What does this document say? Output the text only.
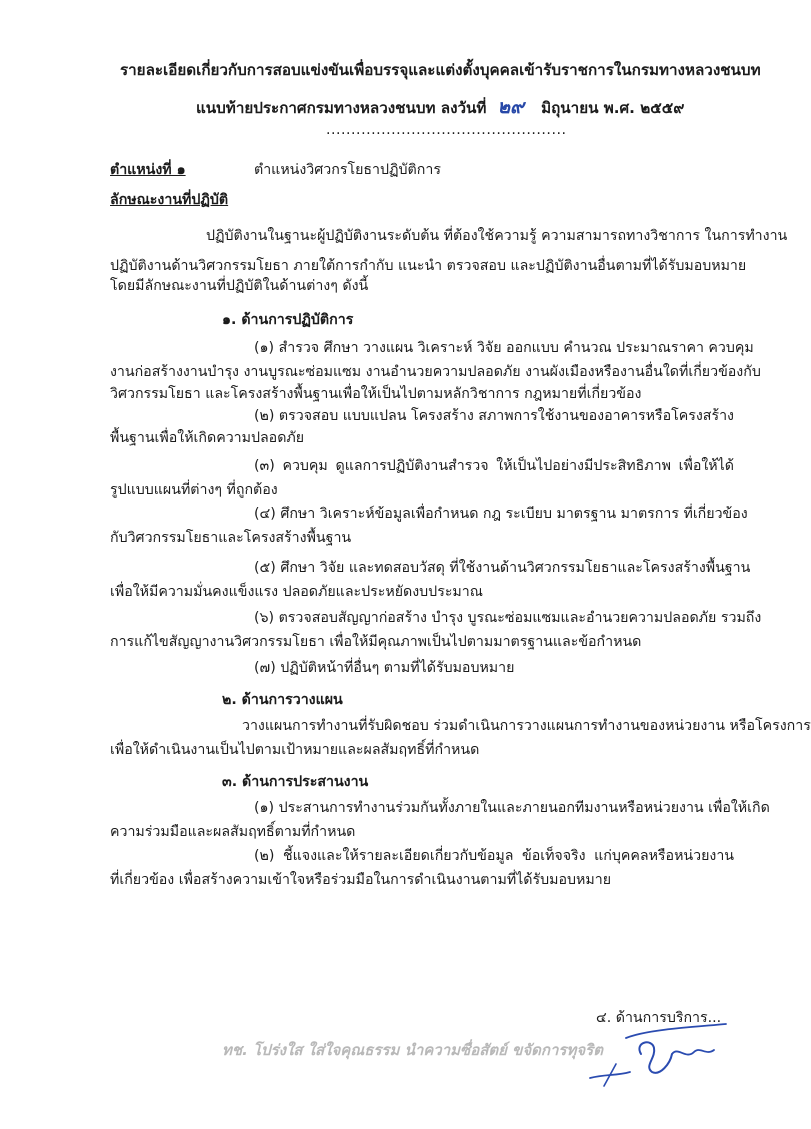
รายละเอียดเกี่ยวกับการสอบแข่งขันเพื่อบรรจุและแต่งตั้งบุคคลเข้ารับราชการในกรมทางหลวงชนบท
แนบท้ายประกาศกรมทางหลวงชนบท ลงวันที่ ๒๙ มิถุนายน พ.ศ. ๒๕๕๙
................................................
ตำแหน่งที่ ๑	ตำแหน่งวิศวกรโยธาปฏิบัติการ
ลักษณะงานที่ปฏิบัติ
ปฏิบัติงานในฐานะผู้ปฏิบัติงานระดับต้น ที่ต้องใช้ความรู้ ความสามารถทางวิชาการ ในการทำงาน
ปฏิบัติงานด้านวิศวกรรมโยธา ภายใต้การกำกับ แนะนำ ตรวจสอบ และปฏิบัติงานอื่นตามที่ได้รับมอบหมาย
โดยมีลักษณะงานที่ปฏิบัติในด้านต่างๆ ดังนี้
๑. ด้านการปฏิบัติการ
(๑) สำรวจ ศึกษา วางแผน วิเคราะห์ วิจัย ออกแบบ คำนวณ ประมาณราคา ควบคุม
งานก่อสร้างงานบำรุง งานบูรณะซ่อมแซม งานอำนวยความปลอดภัย งานผังเมืองหรืองานอื่นใดที่เกี่ยวข้องกับ
วิศวกรรมโยธา และโครงสร้างพื้นฐานเพื่อให้เป็นไปตามหลักวิชาการ กฎหมายที่เกี่ยวข้อง
(๒) ตรวจสอบ แบบแปลน โครงสร้าง สภาพการใช้งานของอาคารหรือโครงสร้าง
พื้นฐานเพื่อให้เกิดความปลอดภัย
(๓) ควบคุม ดูแลการปฏิบัติงานสำรวจ ให้เป็นไปอย่างมีประสิทธิภาพ เพื่อให้ได้
รูปแบบแผนที่ต่างๆ ที่ถูกต้อง
(๔) ศึกษา วิเคราะห์ข้อมูลเพื่อกำหนด กฎ ระเบียบ มาตรฐาน มาตรการ ที่เกี่ยวข้อง
กับวิศวกรรมโยธาและโครงสร้างพื้นฐาน
(๕) ศึกษา วิจัย และทดสอบวัสดุ ที่ใช้งานด้านวิศวกรรมโยธาและโครงสร้างพื้นฐาน
เพื่อให้มีความมั่นคงแข็งแรง ปลอดภัยและประหยัดงบประมาณ
(๖) ตรวจสอบสัญญาก่อสร้าง บำรุง บูรณะซ่อมแซมและอำนวยความปลอดภัย รวมถึง
การแก้ไขสัญญางานวิศวกรรมโยธา เพื่อให้มีคุณภาพเป็นไปตามมาตรฐานและข้อกำหนด
(๗) ปฏิบัติหน้าที่อื่นๆ ตามที่ได้รับมอบหมาย
๒. ด้านการวางแผน
วางแผนการทำงานที่รับผิดชอบ ร่วมดำเนินการวางแผนการทำงานของหน่วยงาน หรือโครงการ
เพื่อให้ดำเนินงานเป็นไปตามเป้าหมายและผลสัมฤทธิ์ที่กำหนด
๓. ด้านการประสานงาน
(๑) ประสานการทำงานร่วมกันทั้งภายในและภายนอกทีมงานหรือหน่วยงาน เพื่อให้เกิด
ความร่วมมือและผลสัมฤทธิ์ตามที่กำหนด
(๒) ชี้แจงและให้รายละเอียดเกี่ยวกับข้อมูล ข้อเท็จจริง แก่บุคคลหรือหน่วยงาน
ที่เกี่ยวข้อง เพื่อสร้างความเข้าใจหรือร่วมมือในการดำเนินงานตามที่ได้รับมอบหมาย
๔. ด้านการบริการ...
ทช. โปร่งใส ใส่ใจคุณธรรม นำความซื่อสัตย์ ขจัดการทุจริต
